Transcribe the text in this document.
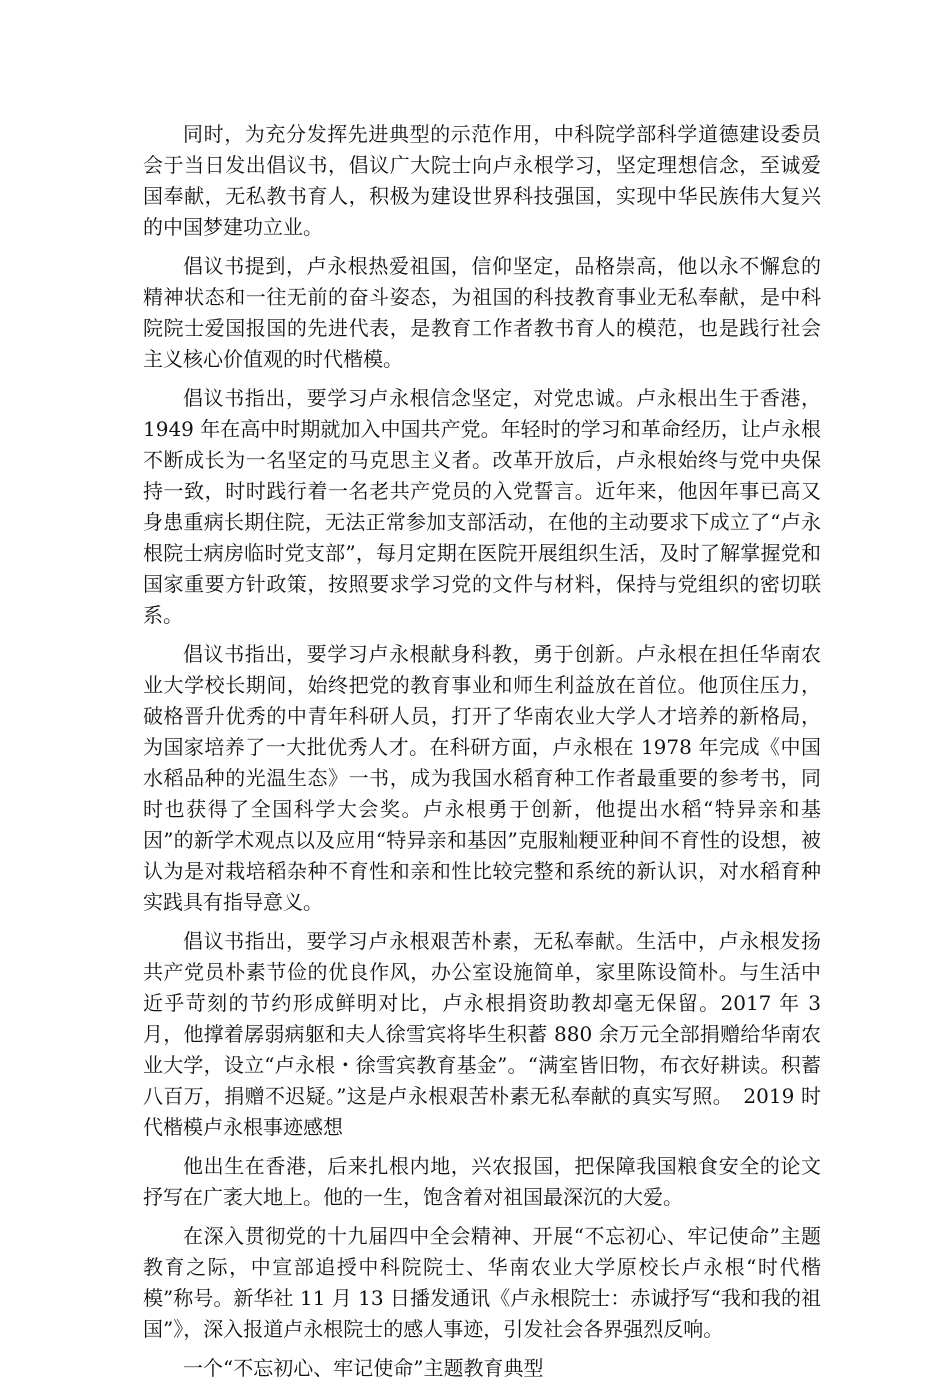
同时，为充分发挥先进典型的示范作用，中科院学部科学道德建设委员会于当日发出倡议书，倡议广大院士向卢永根学习，坚定理想信念，至诚爱国奉献，无私教书育人，积极为建设世界科技强国，实现中华民族伟大复兴的中国梦建功立业。

倡议书提到，卢永根热爱祖国，信仰坚定，品格崇高，他以永不懈怠的精神状态和一往无前的奋斗姿态，为祖国的科技教育事业无私奉献，是中科院院士爱国报国的先进代表，是教育工作者教书育人的模范，也是践行社会主义核心价值观的时代楷模。

倡议书指出，要学习卢永根信念坚定，对党忠诚。卢永根出生于香港，1949 年在高中时期就加入中国共产党。年轻时的学习和革命经历，让卢永根不断成长为一名坚定的马克思主义者。改革开放后，卢永根始终与党中央保持一致，时时践行着一名老共产党员的入党誓言。近年来，他因年事已高又身患重病长期住院，无法正常参加支部活动，在他的主动要求下成立了“卢永根院士病房临时党支部”，每月定期在医院开展组织生活，及时了解掌握党和国家重要方针政策，按照要求学习党的文件与材料，保持与党组织的密切联系。

倡议书指出，要学习卢永根献身科教，勇于创新。卢永根在担任华南农业大学校长期间，始终把党的教育事业和师生利益放在首位。他顶住压力，破格晋升优秀的中青年科研人员，打开了华南农业大学人才培养的新格局，为国家培养了一大批优秀人才。在科研方面，卢永根在 1978 年完成《中国水稻品种的光温生态》一书，成为我国水稻育种工作者最重要的参考书，同时也获得了全国科学大会奖。卢永根勇于创新，他提出水稻“特异亲和基因”的新学术观点以及应用“特异亲和基因”克服籼粳亚种间不育性的设想，被认为是对栽培稻杂种不育性和亲和性比较完整和系统的新认识，对水稻育种实践具有指导意义。

倡议书指出，要学习卢永根艰苦朴素，无私奉献。生活中，卢永根发扬共产党员朴素节俭的优良作风，办公室设施简单，家里陈设简朴。与生活中近乎苛刻的节约形成鲜明对比，卢永根捐资助教却毫无保留。2017 年 3 月，他撑着孱弱病躯和夫人徐雪宾将毕生积蓄 880 余万元全部捐赠给华南农业大学，设立“卢永根・徐雪宾教育基金”。“满室皆旧物，布衣好耕读。积蓄八百万，捐赠不迟疑。”这是卢永根艰苦朴素无私奉献的真实写照。　2019 时代楷模卢永根事迹感想

他出生在香港，后来扎根内地，兴农报国，把保障我国粮食安全的论文抒写在广袤大地上。他的一生，饱含着对祖国最深沉的大爱。

在深入贯彻党的十九届四中全会精神、开展“不忘初心、牢记使命”主题教育之际，中宣部追授中科院院士、华南农业大学原校长卢永根“时代楷模”称号。新华社 11 月 13 日播发通讯《卢永根院士：赤诚抒写“我和我的祖国”》，深入报道卢永根院士的感人事迹，引发社会各界强烈反响。

一个“不忘初心、牢记使命”主题教育典型
